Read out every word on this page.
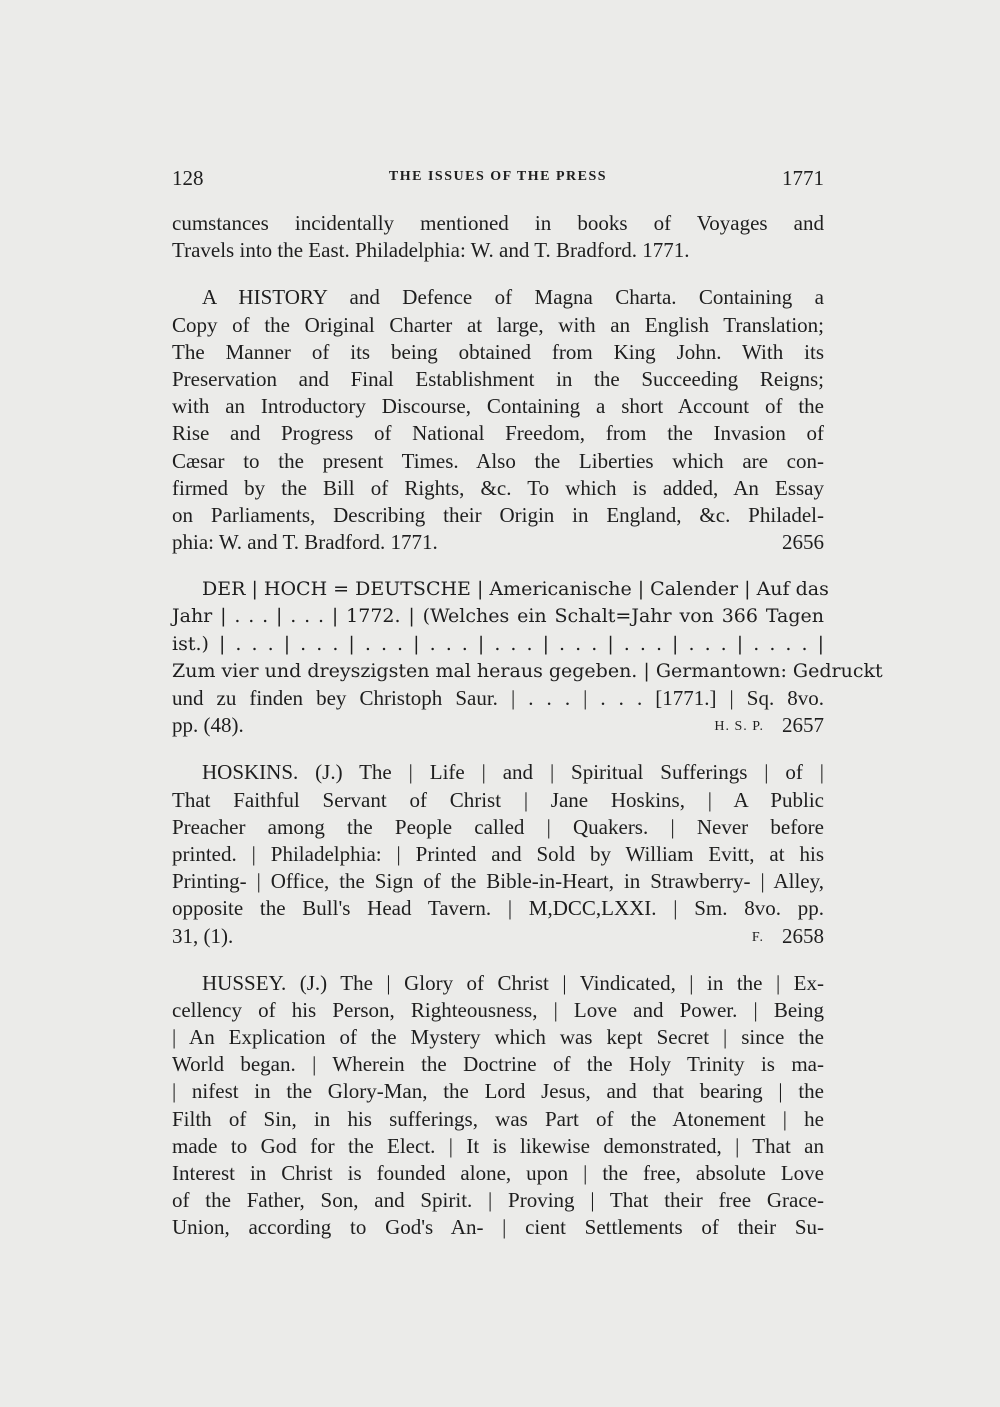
128	THE ISSUES OF THE PRESS	1771
cumstances incidentally mentioned in books of Voyages and
Travels into the East. Philadelphia: W. and T. Bradford. 1771.
A HISTORY and Defence of Magna Charta. Containing a
Copy of the Original Charter at large, with an English Translation;
The Manner of its being obtained from King John. With its
Preservation and Final Establishment in the Succeeding Reigns;
with an Introductory Discourse, Containing a short Account of the
Rise and Progress of National Freedom, from the Invasion of
Cæsar to the present Times. Also the Liberties which are con-
firmed by the Bill of Rights, &c. To which is added, An Essay
on Parliaments, Describing their Origin in England, &c. Philadel-
phia: W. and T. Bradford. 1771.	2656
DER | HOCH = DEUTSCHE | Americanische | Calender | Auf das
Jahr | . . . | . . . | 1772. | (Welches ein Schalt=Jahr von 366 Tagen
ist.) | . . . | . . . | . . . | . . . | . . . | . . . | . . . | . . . | . . . . |
Zum vier und dreyszigsten mal heraus gegeben. | Germantown: Gedruckt
und zu finden bey Christoph Saur. | . . . | . . . [1771.] | Sq. 8vo.
pp. (48).	2657
H. S. P.
HOSKINS. (J.) The | Life | and | Spiritual Sufferings | of |
That Faithful Servant of Christ | Jane Hoskins, | A Public
Preacher among the People called | Quakers. | Never before
printed. | Philadelphia: | Printed and Sold by William Evitt, at his
Printing- | Office, the Sign of the Bible-in-Heart, in Strawberry- | Alley,
opposite the Bull's Head Tavern. | M,DCC,LXXI. | Sm. 8vo. pp.
31, (1).	2658
F.
HUSSEY. (J.) The | Glory of Christ | Vindicated, | in the | Ex-
cellency of his Person, Righteousness, | Love and Power. | Being
| An Explication of the Mystery which was kept Secret | since the
World began. | Wherein the Doctrine of the Holy Trinity is ma-
| nifest in the Glory-Man, the Lord Jesus, and that bearing | the
Filth of Sin, in his sufferings, was Part of the Atonement | he
made to God for the Elect. | It is likewise demonstrated, | That an
Interest in Christ is founded alone, upon | the free, absolute Love
of the Father, Son, and Spirit. | Proving | That their free Grace-
Union, according to God's An- | cient Settlements of their Su-
